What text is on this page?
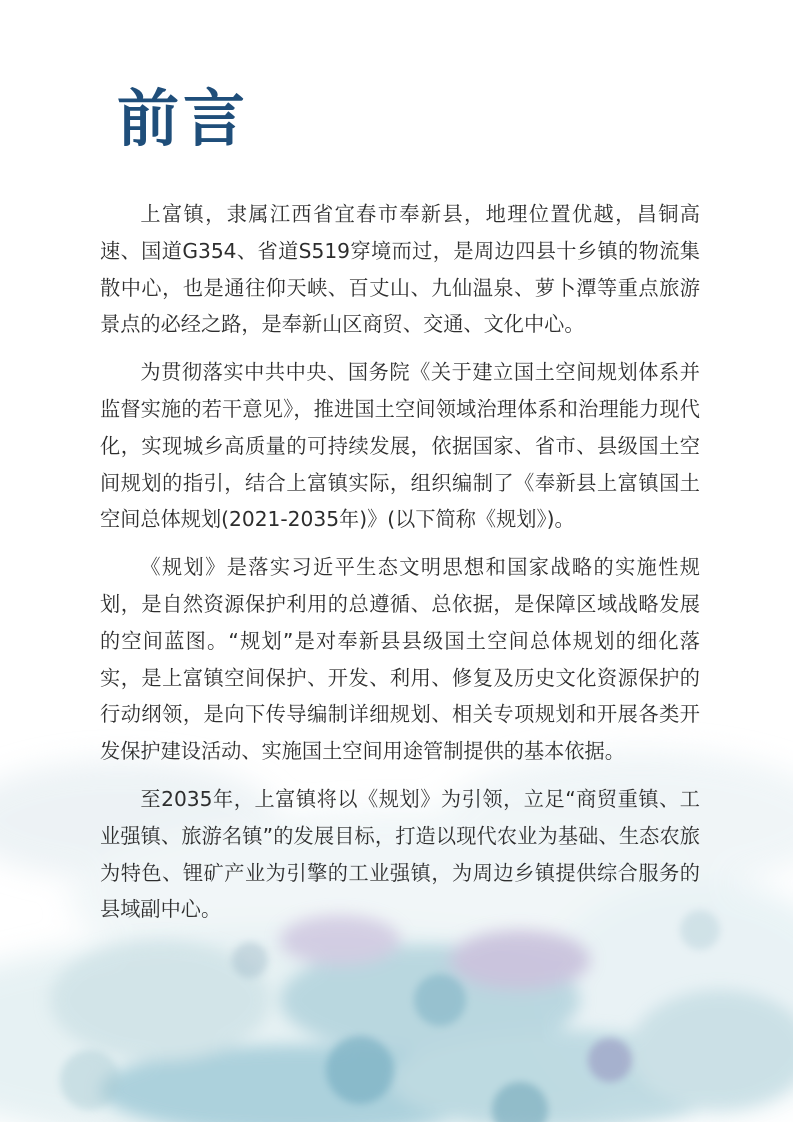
前言

上富镇，隶属江西省宜春市奉新县，地理位置优越，昌铜高速、国道G354、省道S519穿境而过，是周边四县十乡镇的物流集散中心，也是通往仰天峡、百丈山、九仙温泉、萝卜潭等重点旅游景点的必经之路，是奉新山区商贸、交通、文化中心。

为贯彻落实中共中央、国务院《关于建立国土空间规划体系并监督实施的若干意见》，推进国土空间领域治理体系和治理能力现代化，实现城乡高质量的可持续发展，依据国家、省市、县级国土空间规划的指引，结合上富镇实际，组织编制了《奉新县上富镇国土空间总体规划(2021-2035年)》(以下简称《规划》)。

《规划》是落实习近平生态文明思想和国家战略的实施性规划，是自然资源保护利用的总遵循、总依据，是保障区域战略发展的空间蓝图。“规划”是对奉新县县级国土空间总体规划的细化落实，是上富镇空间保护、开发、利用、修复及历史文化资源保护的行动纲领，是向下传导编制详细规划、相关专项规划和开展各类开发保护建设活动、实施国土空间用途管制提供的基本依据。

至2035年，上富镇将以《规划》为引领，立足“商贸重镇、工业强镇、旅游名镇”的发展目标，打造以现代农业为基础、生态农旅为特色、锂矿产业为引擎的工业强镇，为周边乡镇提供综合服务的县域副中心。
